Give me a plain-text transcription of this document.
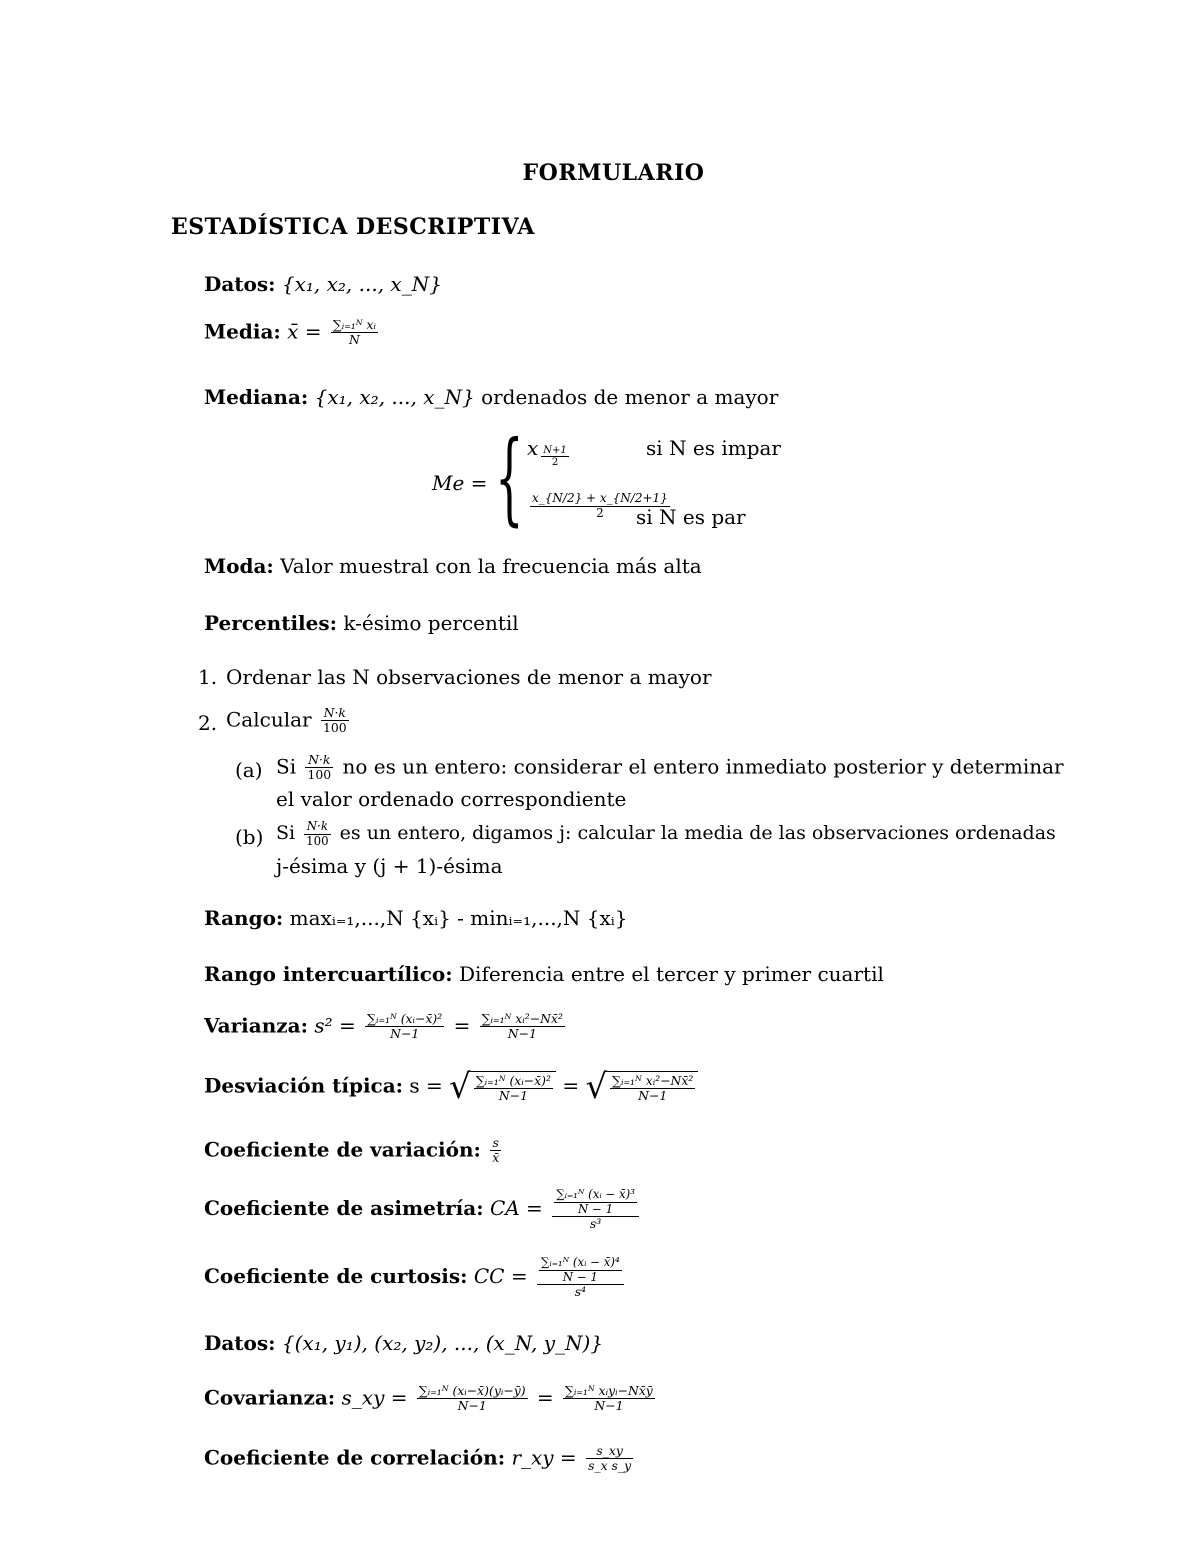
FORMULARIO
ESTADÍSTICA DESCRIPTIVA
Datos: {x₁, x₂, ..., x_N}
Media: x̄ = $\frac{\text{∑ᵢ₌₁ᴺ xᵢ}}{N}$
Mediana: {x₁, x₂, ..., x_N} ordenados de menor a mayor
Me = { x $\frac{N+1}{2}$	si N es impar
$\frac{x\_\{N/2\} + x\_\{N/2+1\}}{2}$
si N es par
Moda: Valor muestral con la frecuencia más alta
Percentiles: k-ésimo percentil
1. Ordenar las N observaciones de menor a mayor
2. Calcular $\frac{N\cdot k}{100}$
(a) Si $\frac{N\cdot k}{100}$ no es un entero: considerar el entero inmediato posterior y determinar
el valor ordenado correspondiente
(b) Si $\frac{N\cdot k}{100}$ es un entero, digamos j: calcular la media de las observaciones ordenadas
j-ésima y (j + 1)-ésima
Rango: maxᵢ₌₁,...,N {xᵢ} - minᵢ₌₁,...,N {xᵢ}
Rango intercuartílico: Diferencia entre el tercer y primer cuartil
Varianza: $s^2 = \frac{\text{∑ᵢ₌₁ᴺ (xᵢ−x̄)²}}{N-1} = \frac{\text{∑ᵢ₌₁ᴺ xᵢ²−Nx̄²}}{N-1}$
Desviación típica: s = √ $\frac{\text{∑ᵢ₌₁ᴺ (xᵢ−x̄)²}}{N-1}$ = √ $\frac{\text{∑ᵢ₌₁ᴺ xᵢ²−Nx̄²}}{N-1}$
Coeficiente de variación: $\frac{s}{x̄}$
Coeficiente de asimetría: CA = $\frac{\frac{\text{∑ᵢ₌₁ᴺ (xᵢ − x̄)³}}{N - 1}}{\text{s³}}$
Coeficiente de curtosis: CC = $\frac{\frac{\text{∑ᵢ₌₁ᴺ (xᵢ − x̄)⁴}}{N - 1}}{\text{s⁴}}$
Datos: {(x₁, y₁), (x₂, y₂), ..., (x_N, y_N)}
Covarianza: s_xy = $\frac{\text{∑ᵢ₌₁ᴺ (xᵢ−x̄)(yᵢ−ȳ)}}{N-1} = \frac{\text{∑ᵢ₌₁ᴺ xᵢyᵢ−Nx̄ȳ}}{N-1}$
Coeficiente de correlación: r_xy = $\frac{s\_xy}{\text{s\_x s\_y}}$
